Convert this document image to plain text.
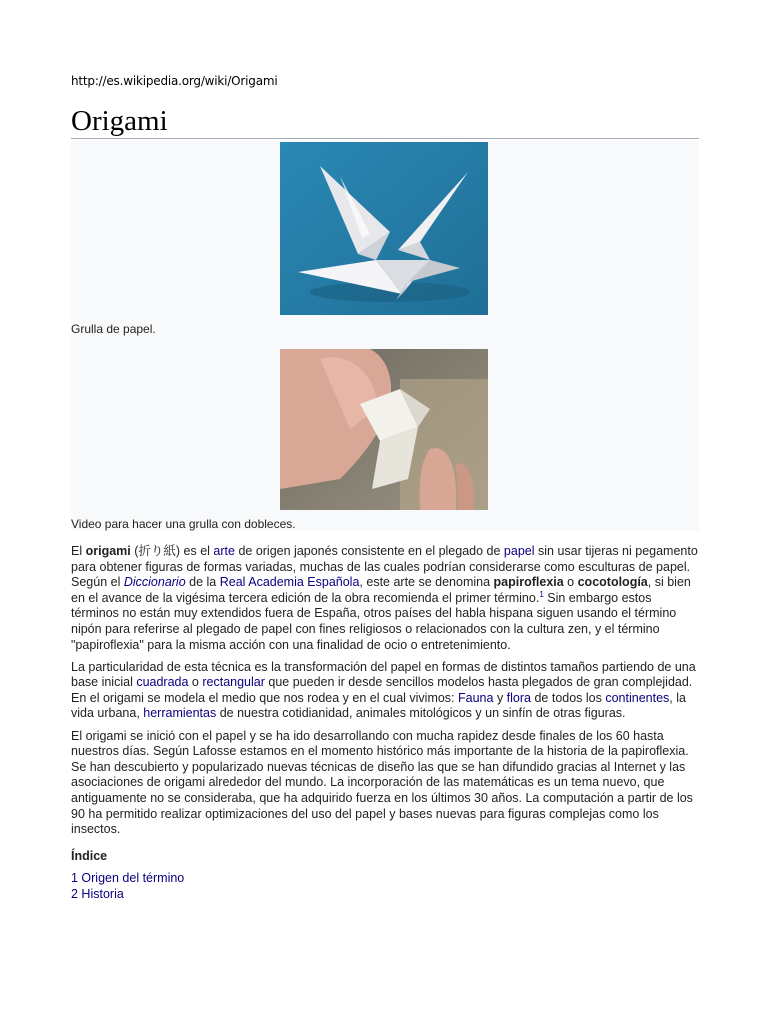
http://es.wikipedia.org/wiki/Origami
Origami
Grulla de papel.
Video para hacer una grulla con dobleces.

El origami (折り紙) es el arte de origen japonés consistente en el plegado de papel sin usar tijeras ni pegamento para obtener figuras de formas variadas, muchas de las cuales podrían considerarse como esculturas de papel. Según el Diccionario de la Real Academia Española, este arte se denomina papiroflexia o cocotología, si bien en el avance de la vigésima tercera edición de la obra recomienda el primer término.$^1$ Sin embargo estos términos no están muy extendidos fuera de España, otros países del habla hispana siguen usando el término nipón para referirse al plegado de papel con fines religiosos o relacionados con la cultura zen, y el término "papiroflexia" para la misma acción con una finalidad de ocio o entretenimiento.

La particularidad de esta técnica es la transformación del papel en formas de distintos tamaños partiendo de una base inicial cuadrada o rectangular que pueden ir desde sencillos modelos hasta plegados de gran complejidad. En el origami se modela el medio que nos rodea y en el cual vivimos: Fauna y flora de todos los continentes, la vida urbana, herramientas de nuestra cotidianidad, animales mitológicos y un sinfín de otras figuras.

El origami se inició con el papel y se ha ido desarrollando con mucha rapidez desde finales de los 60 hasta nuestros días. Según Lafosse estamos en el momento histórico más importante de la historia de la papiroflexia. Se han descubierto y popularizado nuevas técnicas de diseño las que se han difundido gracias al Internet y las asociaciones de origami alrededor del mundo. La incorporación de las matemáticas es un tema nuevo, que antiguamente no se consideraba, que ha adquirido fuerza en los últimos 30 años. La computación a partir de los 90 ha permitido realizar optimizaciones del uso del papel y bases nuevas para figuras complejas como los insectos.

Índice
1 Origen del término
2 Historia
